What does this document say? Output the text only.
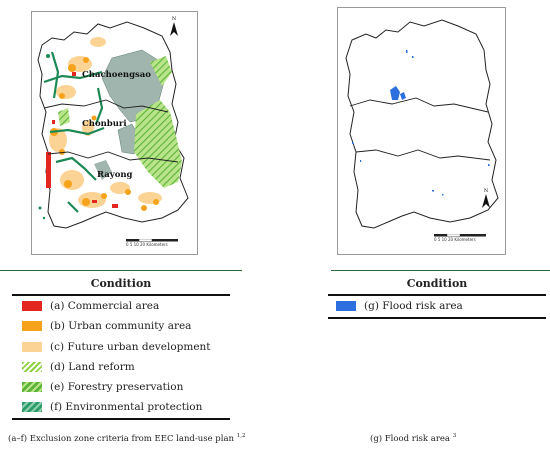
N
Chachoengsao
Chonburi
Rayong
0 5 10 20 Kilometers
N
0 5 10 20 Kilometers
Condition
(a) Commercial area
(b) Urban community area
(c) Future urban development
(d) Land reform
(e) Forestry preservation
(f) Environmental protection
Condition
(g) Flood risk area
(a–f) Exclusion zone criteria from EEC land-use plan $^{1,2}$	(g) Flood risk area $^3$
